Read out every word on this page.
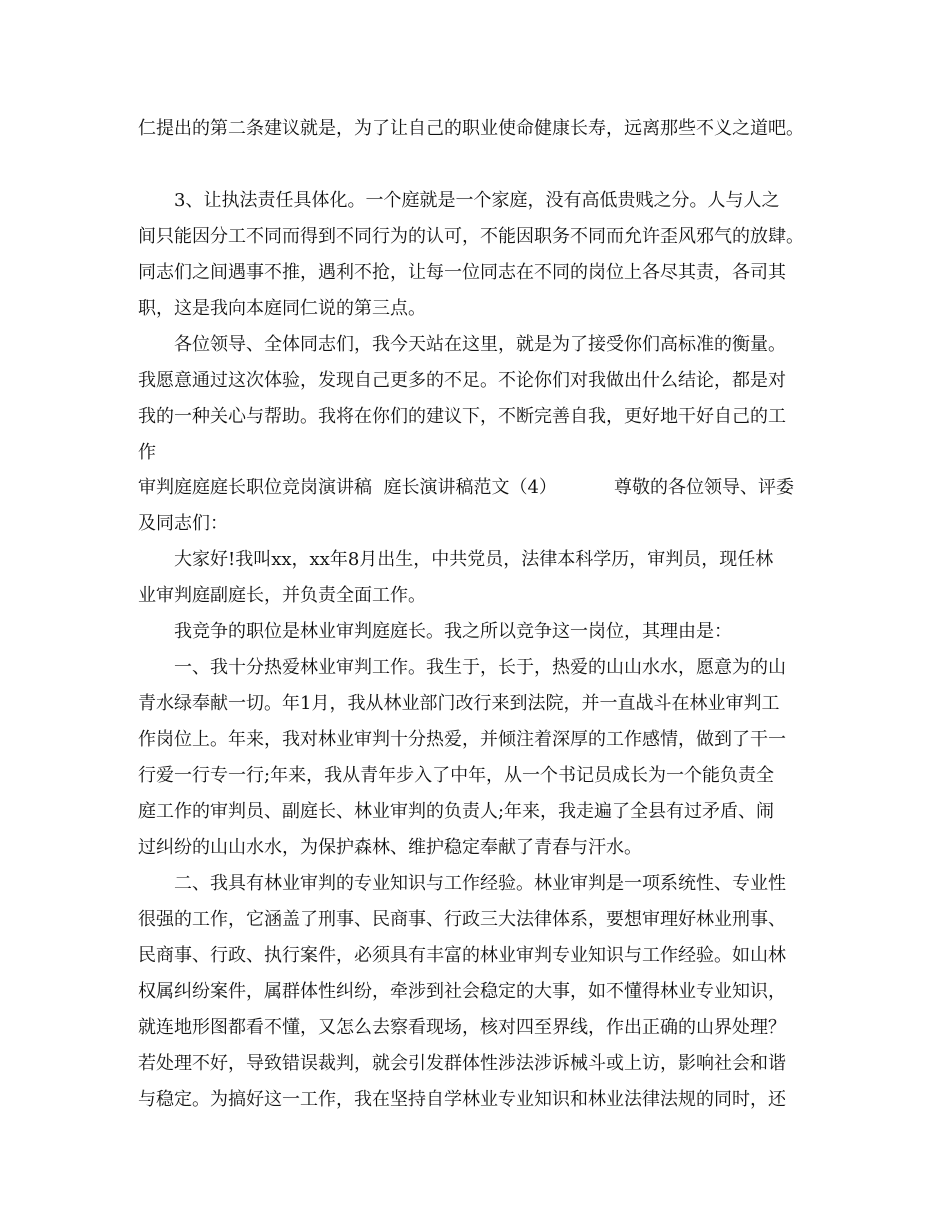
仁提出的第二条建议就是，为了让自己的职业使命健康长寿，远离那些不义之道吧。
3、让执法责任具体化。一个庭就是一个家庭，没有高低贵贱之分。人与人之
间只能因分工不同而得到不同行为的认可，不能因职务不同而允许歪风邪气的放肆。
同志们之间遇事不推，遇利不抢，让每一位同志在不同的岗位上各尽其责，各司其
职，这是我向本庭同仁说的第三点。
各位领导、全体同志们，我今天站在这里，就是为了接受你们高标准的衡量。
我愿意通过这次体验，发现自己更多的不足。不论你们对我做出什么结论，都是对
我的一种关心与帮助。我将在你们的建议下，不断完善自我，更好地干好自己的工
作
审判庭庭庭长职位竞岗演讲稿  庭长演讲稿范文（4）	尊敬的各位领导、评委
及同志们：
大家好!我叫xx，xx年8月出生，中共党员，法律本科学历，审判员，现任林
业审判庭副庭长，并负责全面工作。
我竞争的职位是林业审判庭庭长。我之所以竞争这一岗位，其理由是：
一、我十分热爱林业审判工作。我生于，长于，热爱的山山水水，愿意为的山
青水绿奉献一切。年1月，我从林业部门改行来到法院，并一直战斗在林业审判工
作岗位上。年来，我对林业审判十分热爱，并倾注着深厚的工作感情，做到了干一
行爱一行专一行;年来，我从青年步入了中年，从一个书记员成长为一个能负责全
庭工作的审判员、副庭长、林业审判的负责人;年来，我走遍了全县有过矛盾、闹
过纠纷的山山水水，为保护森林、维护稳定奉献了青春与汗水。
二、我具有林业审判的专业知识与工作经验。林业审判是一项系统性、专业性
很强的工作，它涵盖了刑事、民商事、行政三大法律体系，要想审理好林业刑事、
民商事、行政、执行案件，必须具有丰富的林业审判专业知识与工作经验。如山林
权属纠纷案件，属群体性纠纷，牵涉到社会稳定的大事，如不懂得林业专业知识，
就连地形图都看不懂，又怎么去察看现场，核对四至界线，作出正确的山界处理？
若处理不好，导致错误裁判，就会引发群体性涉法涉诉械斗或上访，影响社会和谐
与稳定。为搞好这一工作，我在坚持自学林业专业知识和林业法律法规的同时，还
